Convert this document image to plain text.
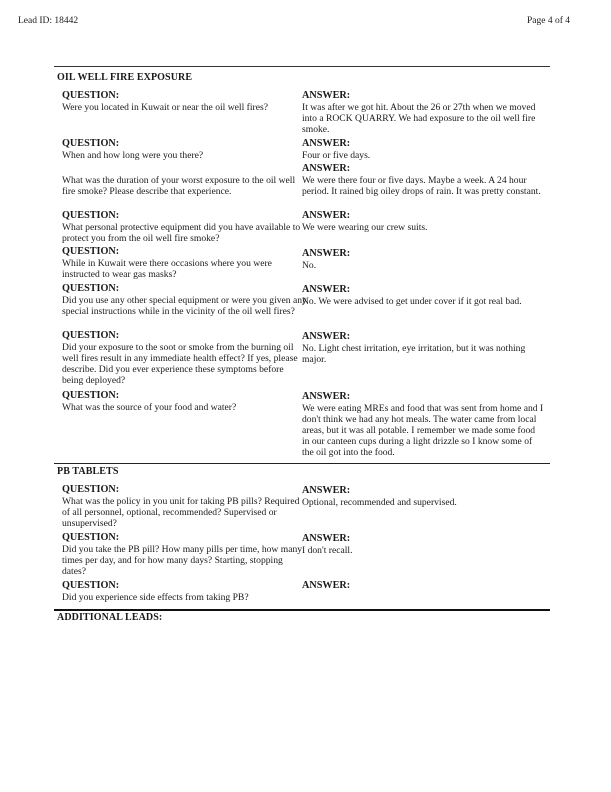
Lead ID: 18442	Page 4 of 4
OIL WELL FIRE EXPOSURE
QUESTION:
Were you located in Kuwait or near the oil well fires?
ANSWER:
It was after we got hit. About the 26 or 27th when we moved into a ROCK QUARRY. We had exposure to the oil well fire smoke.
QUESTION:
When and how long were you there?
ANSWER:
Four or five days.
What was the duration of your worst exposure to the oil well fire smoke? Please describe that experience.
ANSWER:
We were there four or five days. Maybe a week. A 24 hour period. It rained big oiley drops of rain. It was pretty constant.
QUESTION:
What personal protective equipment did you have available to protect you from the oil well fire smoke?
ANSWER:
We were wearing our crew suits.
QUESTION:
While in Kuwait were there occasions where you were instructed to wear gas masks?
ANSWER:
No.
QUESTION:
Did you use any other special equipment or were you given any special instructions while in the vicinity of the oil well fires?
ANSWER:
No. We were advised to get under cover if it got real bad.
QUESTION:
Did your exposure to the soot or smoke from the burning oil well fires result in any immediate health effect? If yes, please describe. Did you ever experience these symptoms before being deployed?
ANSWER:
No. Light chest irritation, eye irritation, but it was nothing major.
QUESTION:
What was the source of your food and water?
ANSWER:
We were eating MREs and food that was sent from home and I don't think we had any hot meals. The water came from local areas, but it was all potable. I remember we made some food in our canteen cups during a light drizzle so I know some of the oil got into the food.
PB TABLETS
QUESTION:
What was the policy in you unit for taking PB pills? Required of all personnel, optional, recommended? Supervised or unsupervised?
ANSWER:
Optional, recommended and supervised.
QUESTION:
Did you take the PB pill? How many pills per time, how many times per day, and for how many days? Starting, stopping dates?
ANSWER:
I don't recall.
QUESTION:
Did you experience side effects from taking PB?
ANSWER:
ADDITIONAL LEADS:
